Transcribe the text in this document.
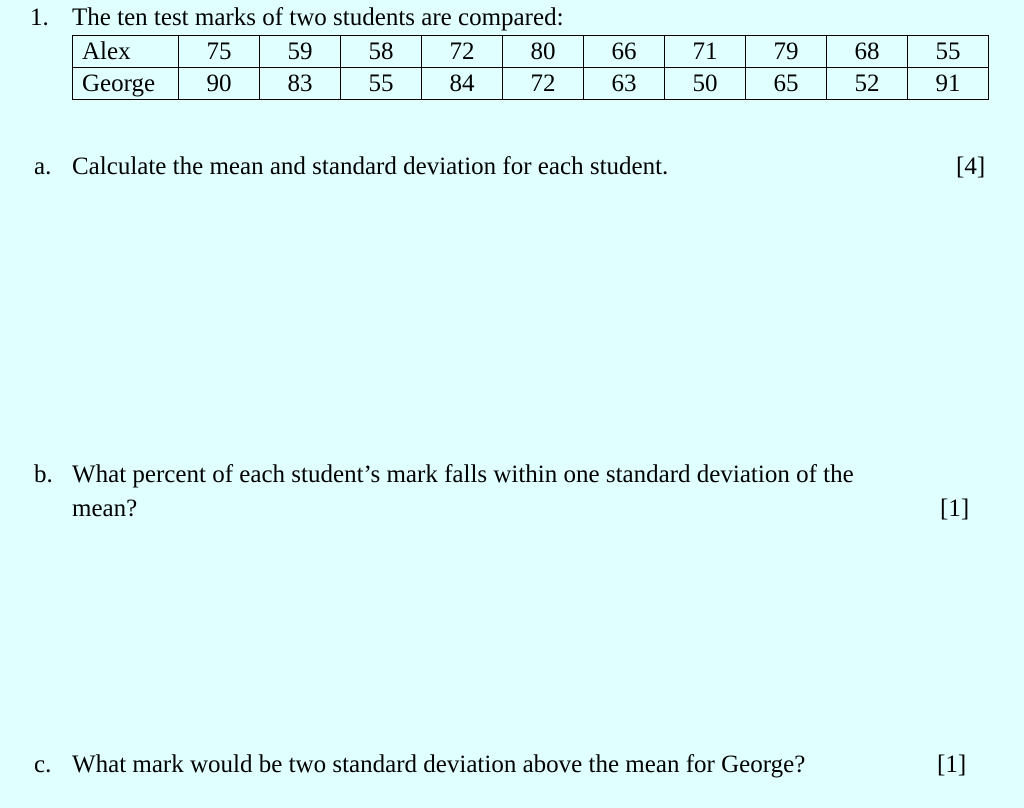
1. The ten test marks of two students are compared:
Alex	75	59	58	72	80	66	71	79	68	55
George	90	83	55	84	72	63	50	65	52	91
a. Calculate the mean and standard deviation for each student.	[4]
b. What percent of each student’s mark falls within one standard deviation of the
mean?	[1]
c. What mark would be two standard deviation above the mean for George?	[1]
